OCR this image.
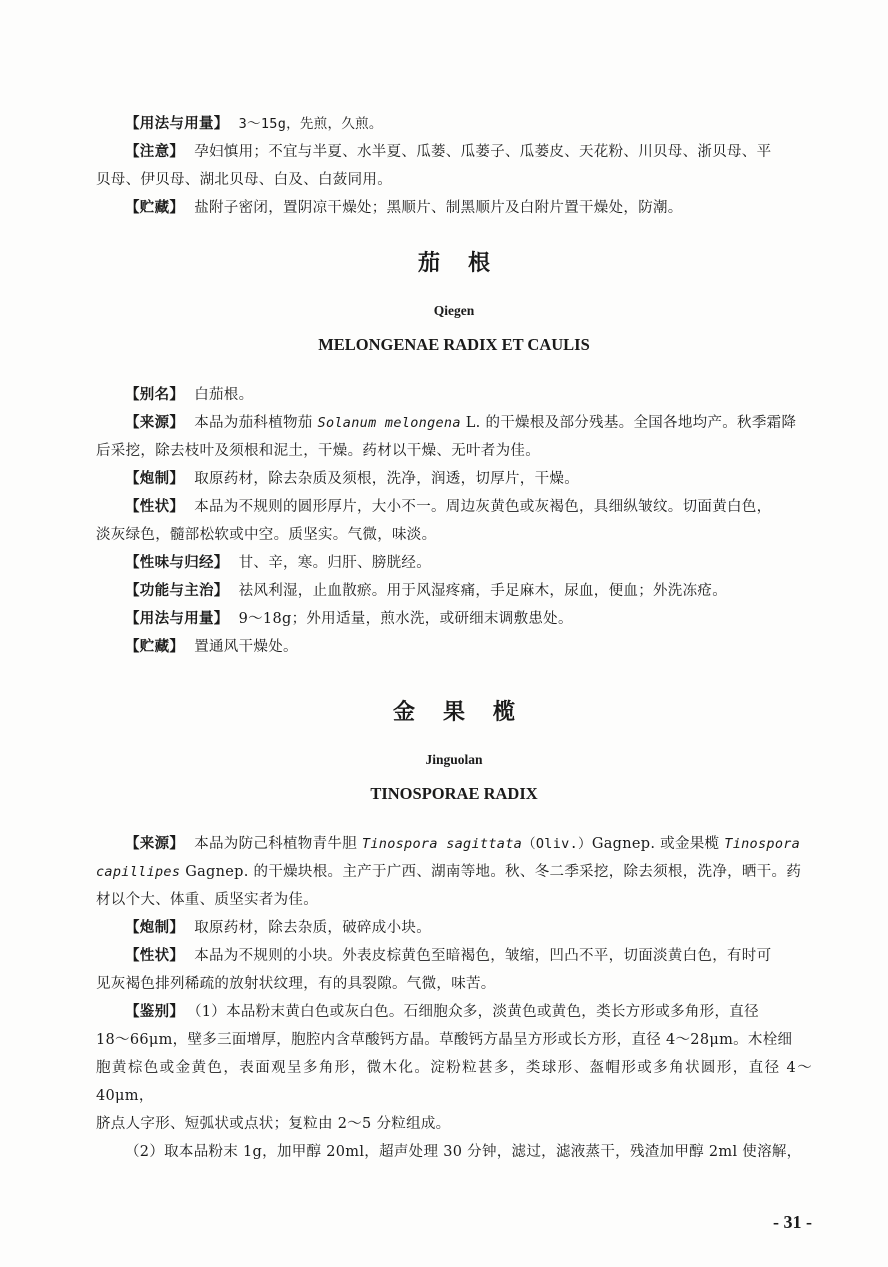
【用法与用量】 3～15g，先煎，久煎。

【注意】 孕妇慎用；不宜与半夏、水半夏、瓜蒌、瓜蒌子、瓜蒌皮、天花粉、川贝母、浙贝母、平

贝母、伊贝母、湖北贝母、白及、白蔹同用。

【贮藏】 盐附子密闭，置阴凉干燥处；黑顺片、制黑顺片及白附片置干燥处，防潮。

茄根

Qiegen

MELONGENAE RADIX ET CAULIS

【别名】 白茄根。

【来源】 本品为茄科植物茄 Solanum melongena L. 的干燥根及部分残基。全国各地均产。秋季霜降

后采挖，除去枝叶及须根和泥土，干燥。药材以干燥、无叶者为佳。

【炮制】 取原药材，除去杂质及须根，洗净，润透，切厚片，干燥。

【性状】 本品为不规则的圆形厚片，大小不一。周边灰黄色或灰褐色，具细纵皱纹。切面黄白色，

淡灰绿色，髓部松软或中空。质坚实。气微，味淡。

【性味与归经】 甘、辛，寒。归肝、膀胱经。

【功能与主治】 祛风利湿，止血散瘀。用于风湿疼痛，手足麻木，尿血，便血；外洗冻疮。

【用法与用量】 9～18g；外用适量，煎水洗，或研细末调敷患处。

【贮藏】 置通风干燥处。

金果榄

Jinguolan

TINOSPORAE RADIX

【来源】 本品为防己科植物青牛胆 Tinospora sagittata（Oliv.）Gagnep. 或金果榄 Tinospora

capillipes Gagnep. 的干燥块根。主产于广西、湖南等地。秋、冬二季采挖，除去须根，洗净，晒干。药

材以个大、体重、质坚实者为佳。

【炮制】 取原药材，除去杂质，破碎成小块。

【性状】 本品为不规则的小块。外表皮棕黄色至暗褐色，皱缩，凹凸不平，切面淡黄白色，有时可

见灰褐色排列稀疏的放射状纹理，有的具裂隙。气微，味苦。

【鉴别】 （1）本品粉末黄白色或灰白色。石细胞众多，淡黄色或黄色，类长方形或多角形，直径

18～66μm，壁多三面增厚，胞腔内含草酸钙方晶。草酸钙方晶呈方形或长方形，直径 4～28μm。木栓细

胞黄棕色或金黄色，表面观呈多角形，微木化。淀粉粒甚多，类球形、盔帽形或多角状圆形，直径 4～40μm，

脐点人字形、短弧状或点状；复粒由 2～5 分粒组成。

（2）取本品粉末 1g，加甲醇 20ml，超声处理 30 分钟，滤过，滤液蒸干，残渣加甲醇 2ml 使溶解，

- 31 -
